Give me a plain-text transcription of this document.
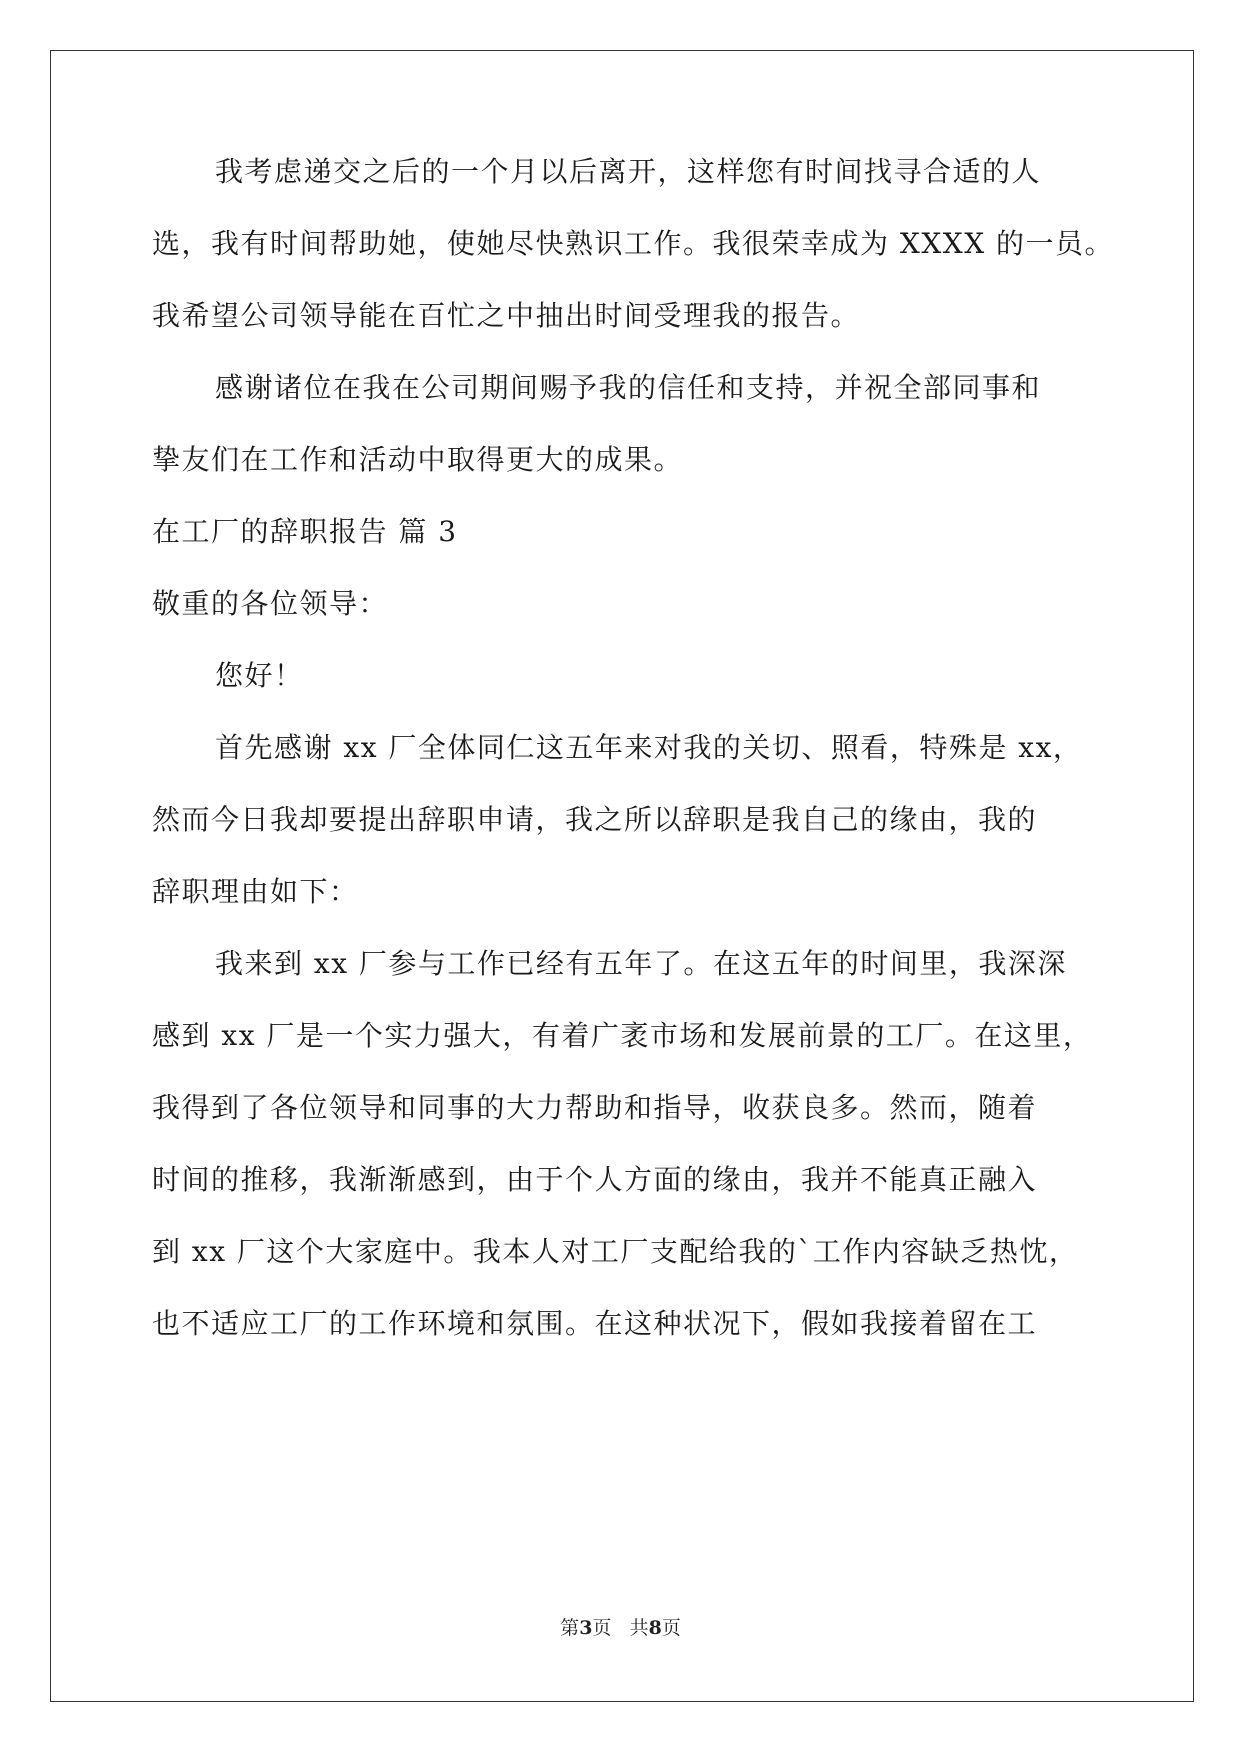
我考虑递交之后的一个月以后离开，这样您有时间找寻合适的人
选，我有时间帮助她，使她尽快熟识工作。我很荣幸成为 XXXX 的一员。
我希望公司领导能在百忙之中抽出时间受理我的报告。
感谢诸位在我在公司期间赐予我的信任和支持，并祝全部同事和
挚友们在工作和活动中取得更大的成果。
在工厂的辞职报告 篇 3
敬重的各位领导：
您好！
首先感谢 xx 厂全体同仁这五年来对我的关切、照看，特殊是 xx，
然而今日我却要提出辞职申请，我之所以辞职是我自己的缘由，我的
辞职理由如下：
我来到 xx 厂参与工作已经有五年了。在这五年的时间里，我深深
感到 xx 厂是一个实力强大，有着广袤市场和发展前景的工厂。在这里，
我得到了各位领导和同事的大力帮助和指导，收获良多。然而，随着
时间的推移，我渐渐感到，由于个人方面的缘由，我并不能真正融入
到 xx 厂这个大家庭中。我本人对工厂支配给我的`工作内容缺乏热忱，
也不适应工厂的工作环境和氛围。在这种状况下，假如我接着留在工
第3页 共8页
